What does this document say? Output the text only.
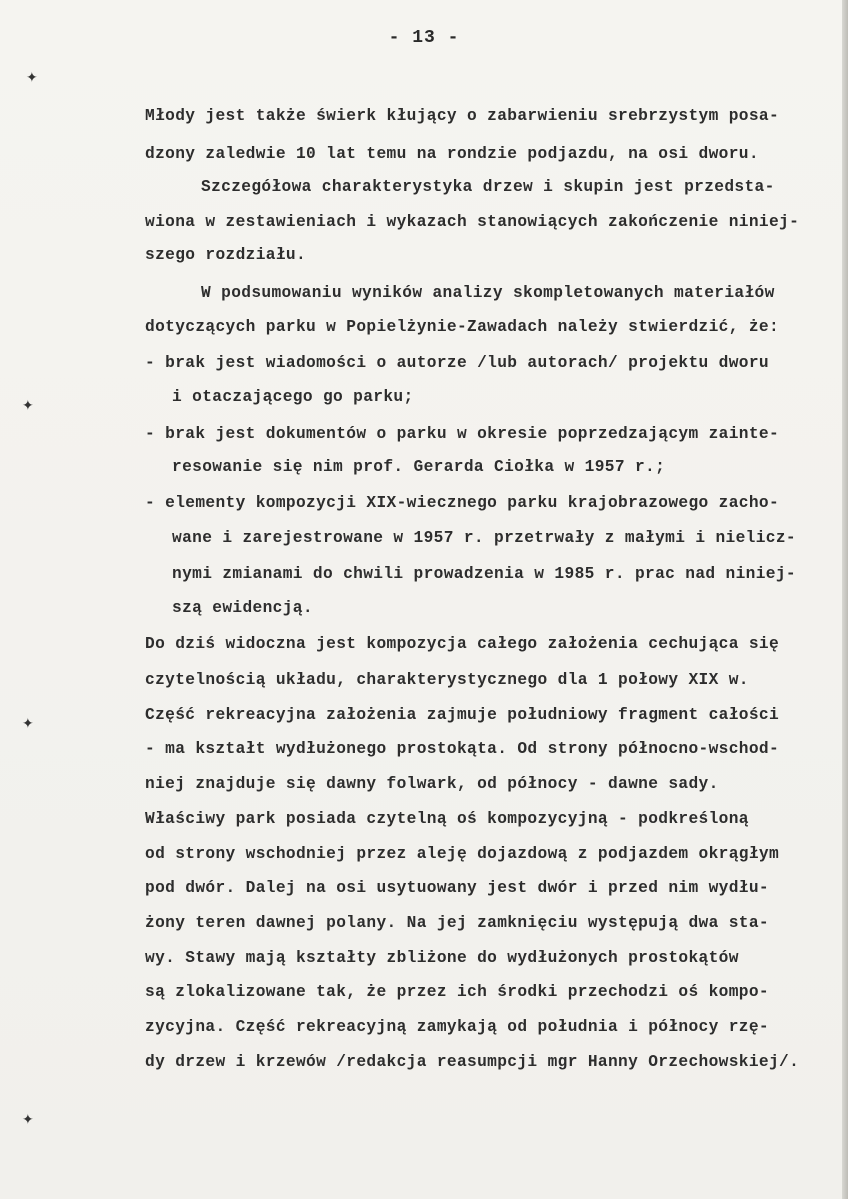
- 13 -
✦
✦
✦
✦
Młody jest także świerk kłujący o zabarwieniu srebrzystym posa-
dzony zaledwie 10 lat temu na rondzie podjazdu, na osi dworu.
Szczegółowa charakterystyka drzew i skupin jest przedsta-
wiona w zestawieniach i wykazach stanowiących zakończenie niniej-
szego rozdziału.
W podsumowaniu wyników analizy skompletowanych materiałów
dotyczących parku w Popielżynie-Zawadach należy stwierdzić, że:
- brak jest wiadomości o autorze /lub autorach/ projektu dworu
i otaczającego go parku;
- brak jest dokumentów o parku w okresie poprzedzającym zainte-
resowanie się nim prof. Gerarda Ciołka w 1957 r.;
- elementy kompozycji XIX-wiecznego parku krajobrazowego zacho-
wane i zarejestrowane w 1957 r. przetrwały z małymi i nielicz-
nymi zmianami do chwili prowadzenia w 1985 r. prac nad niniej-
szą ewidencją.
Do dziś widoczna jest kompozycja całego założenia cechująca się
czytelnością układu, charakterystycznego dla 1 połowy XIX w.
Część rekreacyjna założenia zajmuje południowy fragment całości
- ma kształt wydłużonego prostokąta. Od strony północno-wschod-
niej znajduje się dawny folwark, od północy - dawne sady.
Właściwy park posiada czytelną oś kompozycyjną - podkreśloną
od strony wschodniej przez aleję dojazdową z podjazdem okrągłym
pod dwór. Dalej na osi usytuowany jest dwór i przed nim wydłu-
żony teren dawnej polany. Na jej zamknięciu występują dwa sta-
wy. Stawy mają kształty zbliżone do wydłużonych prostokątów
są zlokalizowane tak, że przez ich środki przechodzi oś kompo-
zycyjna. Część rekreacyjną zamykają od południa i północy rzę-
dy drzew i krzewów /redakcja reasumpcji mgr Hanny Orzechowskiej/.
